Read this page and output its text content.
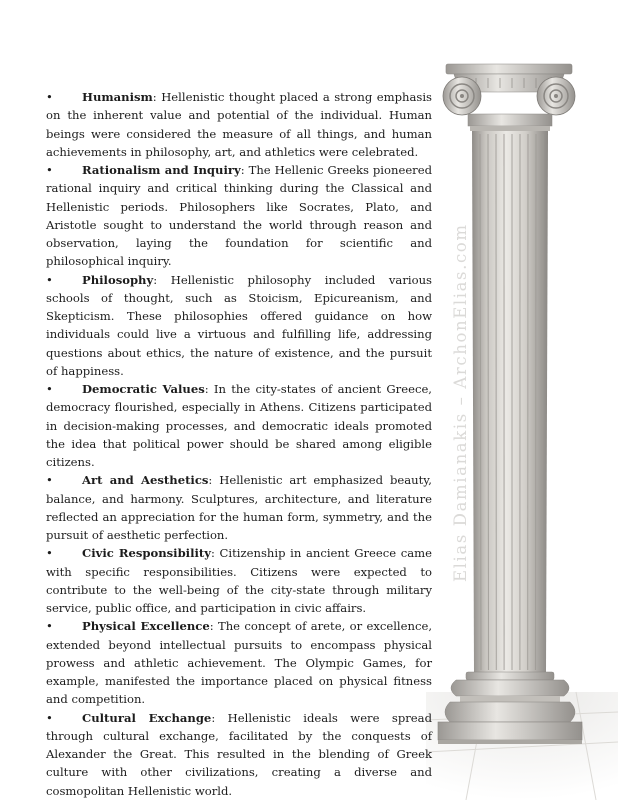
Elias Damianakis – ArchonElias.com
•	Humanism: Hellenistic thought placed a strong emphasis on the inherent value and potential of the individual. Human beings were considered the measure of all things, and human achievements in philosophy, art, and athletics were celebrated.
•	Rationalism and Inquiry: The Hellenic Greeks pioneered rational inquiry and critical thinking during the Classical and Hellenistic periods. Philosophers like Socrates, Plato, and Aristotle sought to understand the world through reason and observation, laying the foundation for scientific and philosophical inquiry.
•	Philosophy: Hellenistic philosophy included various schools of thought, such as Stoicism, Epicureanism, and Skepticism. These philosophies offered guidance on how individuals could live a virtuous and fulfilling life, addressing questions about ethics, the nature of existence, and the pursuit of happiness.
•	Democratic Values: In the city-states of ancient Greece, democracy flourished, especially in Athens. Citizens participated in decision-making processes, and democratic ideals promoted the idea that political power should be shared among eligible citizens.
•	Art and Aesthetics: Hellenistic art emphasized beauty, balance, and harmony. Sculptures, architecture, and literature reflected an appreciation for the human form, symmetry, and the pursuit of aesthetic perfection.
•	Civic Responsibility: Citizenship in ancient Greece came with specific responsibilities. Citizens were expected to contribute to the well-being of the city-state through military service, public office, and participation in civic affairs.
•	Physical Excellence: The concept of arete, or excellence, extended beyond intellectual pursuits to encompass physical prowess and athletic achievement. The Olympic Games, for example, manifested the importance placed on physical fitness and competition.
•	Cultural Exchange: Hellenistic ideals were spread through cultural exchange, facilitated by the conquests of Alexander the Great. This resulted in the blending of Greek culture with other civilizations, creating a diverse and cosmopolitan Hellenistic world.
